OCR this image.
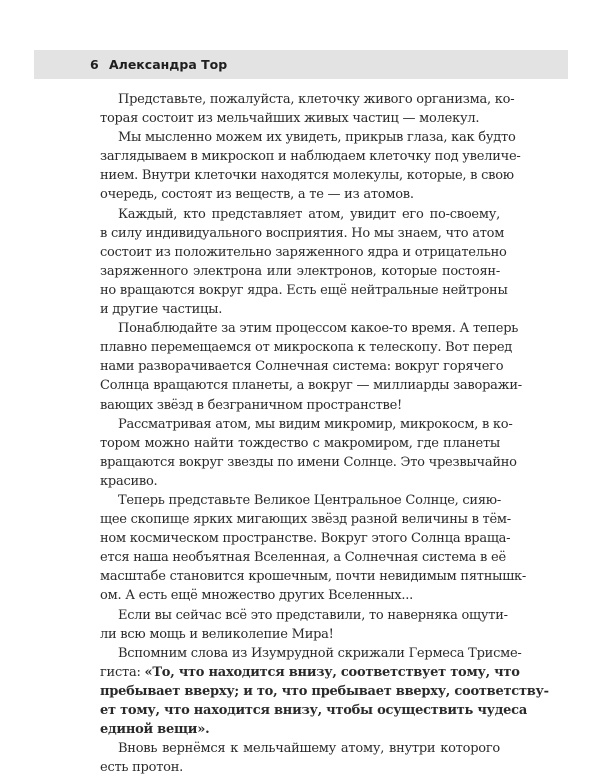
6 Александра Тор
Представьте, пожалуйста, клеточку живого организма, ко-
торая состоит из мельчайших живых частиц — молекул.
Мы мысленно можем их увидеть, прикрыв глаза, как будто
заглядываем в микроскоп и наблюдаем клеточку под увеличе-
нием. Внутри клеточки находятся молекулы, которые, в свою
очередь, состоят из веществ, а те — из атомов.
Каждый, кто представляет атом, увидит его по-своему,
в силу индивидуального восприятия. Но мы знаем, что атом
состоит из положительно заряженного ядра и отрицательно
заряженного электрона или электронов, которые постоян-
но вращаются вокруг ядра. Есть ещё нейтральные нейтроны
и другие частицы.
Понаблюдайте за этим процессом какое-то время. А теперь
плавно перемещаемся от микроскопа к телескопу. Вот перед
нами разворачивается Солнечная система: вокруг горячего
Солнца вращаются планеты, а вокруг — миллиарды заворажи-
вающих звёзд в безграничном пространстве!
Рассматривая атом, мы видим микромир, микрокосм, в ко-
тором можно найти тождество с макромиром, где планеты
вращаются вокруг звезды по имени Солнце. Это чрезвычайно
красиво.
Теперь представьте Великое Центральное Солнце, сияю-
щее скопище ярких мигающих звёзд разной величины в тём-
ном космическом пространстве. Вокруг этого Солнца враща-
ется наша необъятная Вселенная, а Солнечная система в её
масштабе становится крошечным, почти невидимым пятнышк-
ом. А есть ещё множество других Вселенных...
Если вы сейчас всё это представили, то наверняка ощути-
ли всю мощь и великолепие Мира!
Вспомним слова из Изумрудной скрижали Гермеса Трисме-
гиста: «То, что находится внизу, соответствует тому, что
пребывает вверху; и то, что пребывает вверху, соответству-
ет тому, что находится внизу, чтобы осуществить чудеса
единой вещи».
Вновь вернёмся к мельчайшему атому, внутри которого
есть протон.
